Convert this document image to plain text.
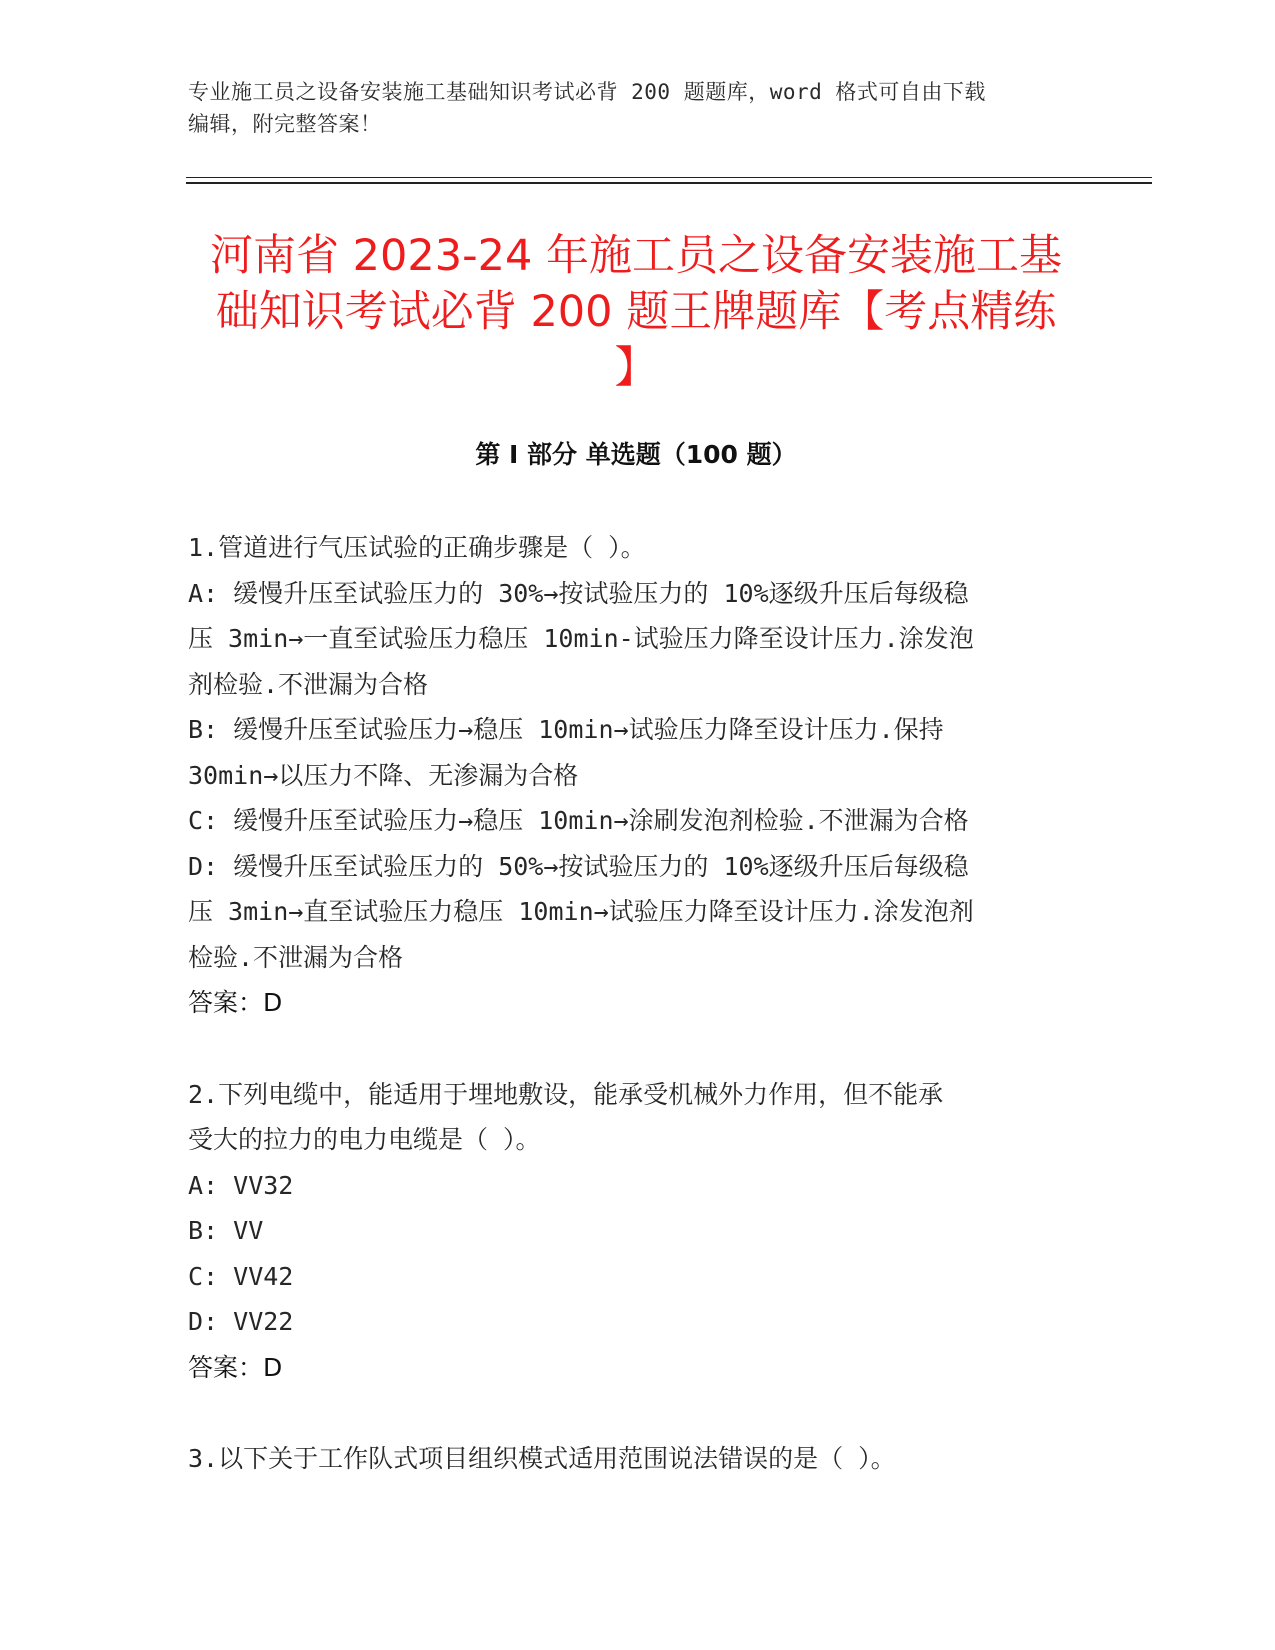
专业施工员之设备安装施工基础知识考试必背 200 题题库，word 格式可自由下载
编辑，附完整答案！
河南省 2023-24 年施工员之设备安装施工基
础知识考试必背 200 题王牌题库【考点精练
】
第 I 部分 单选题（100 题）

1.管道进行气压试验的正确步骤是（ ）。

A: 缓慢升压至试验压力的 30%→按试验压力的 10%逐级升压后每级稳

压 3min→一直至试验压力稳压 10min-试验压力降至设计压力.涂发泡

剂检验.不泄漏为合格

B: 缓慢升压至试验压力→稳压 10min→试验压力降至设计压力.保持

30min→以压力不降、无渗漏为合格

C: 缓慢升压至试验压力→稳压 10min→涂刷发泡剂检验.不泄漏为合格

D: 缓慢升压至试验压力的 50%→按试验压力的 10%逐级升压后每级稳

压 3min→直至试验压力稳压 10min→试验压力降至设计压力.涂发泡剂

检验.不泄漏为合格

答案：D

2.下列电缆中，能适用于埋地敷设，能承受机械外力作用，但不能承

受大的拉力的电力电缆是（ ）。

A: VV32

B: VV

C: VV42

D: VV22

答案：D

3.以下关于工作队式项目组织模式适用范围说法错误的是（ ）。
